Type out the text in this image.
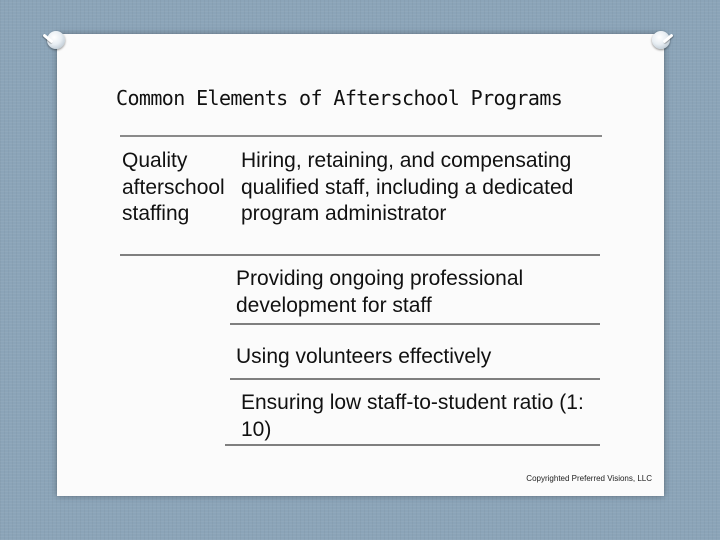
Common Elements of Afterschool Programs
Quality afterschool staffing
Hiring, retaining, and compensating qualified staff, including a dedicated program administrator
Providing ongoing professional development for staff
Using volunteers effectively
Ensuring low staff-to-student ratio (1: 10)
Copyrighted Preferred Visions, LLC
